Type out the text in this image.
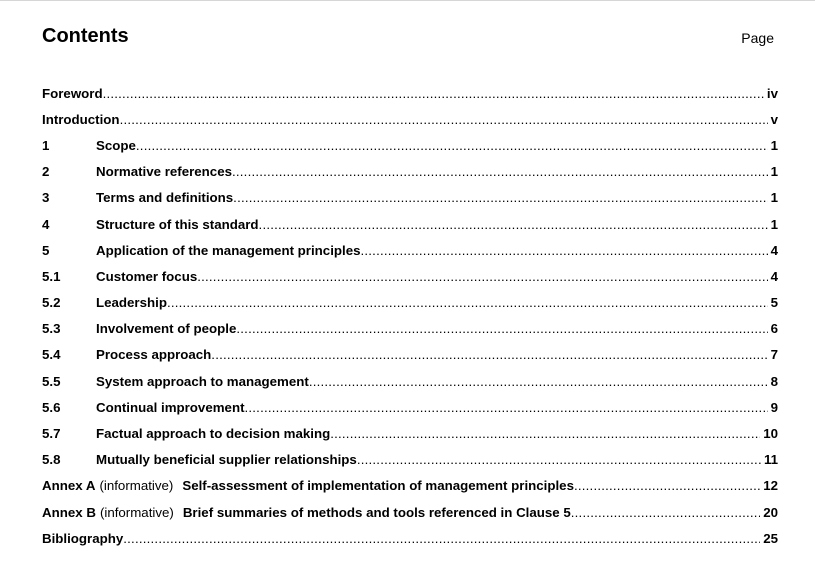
Contents	Page
Foreword .....	iv
Introduction .....	v
1	Scope .....	1
2	Normative references .....	1
3	Terms and definitions .....	1
4	Structure of this standard .....	1
5	Application of the management principles .....	4
5.1	Customer focus .....	4
5.2	Leadership .....	5
5.3	Involvement of people .....	6
5.4	Process approach .....	7
5.5	System approach to management .....	8
5.6	Continual improvement .....	9
5.7	Factual approach to decision making .....	10
5.8	Mutually beneficial supplier relationships .....	11
Annex A (informative) Self-assessment of implementation of management principles .....	12
Annex B (informative) Brief summaries of methods and tools referenced in Clause 5 .....	20
Bibliography .....	25
